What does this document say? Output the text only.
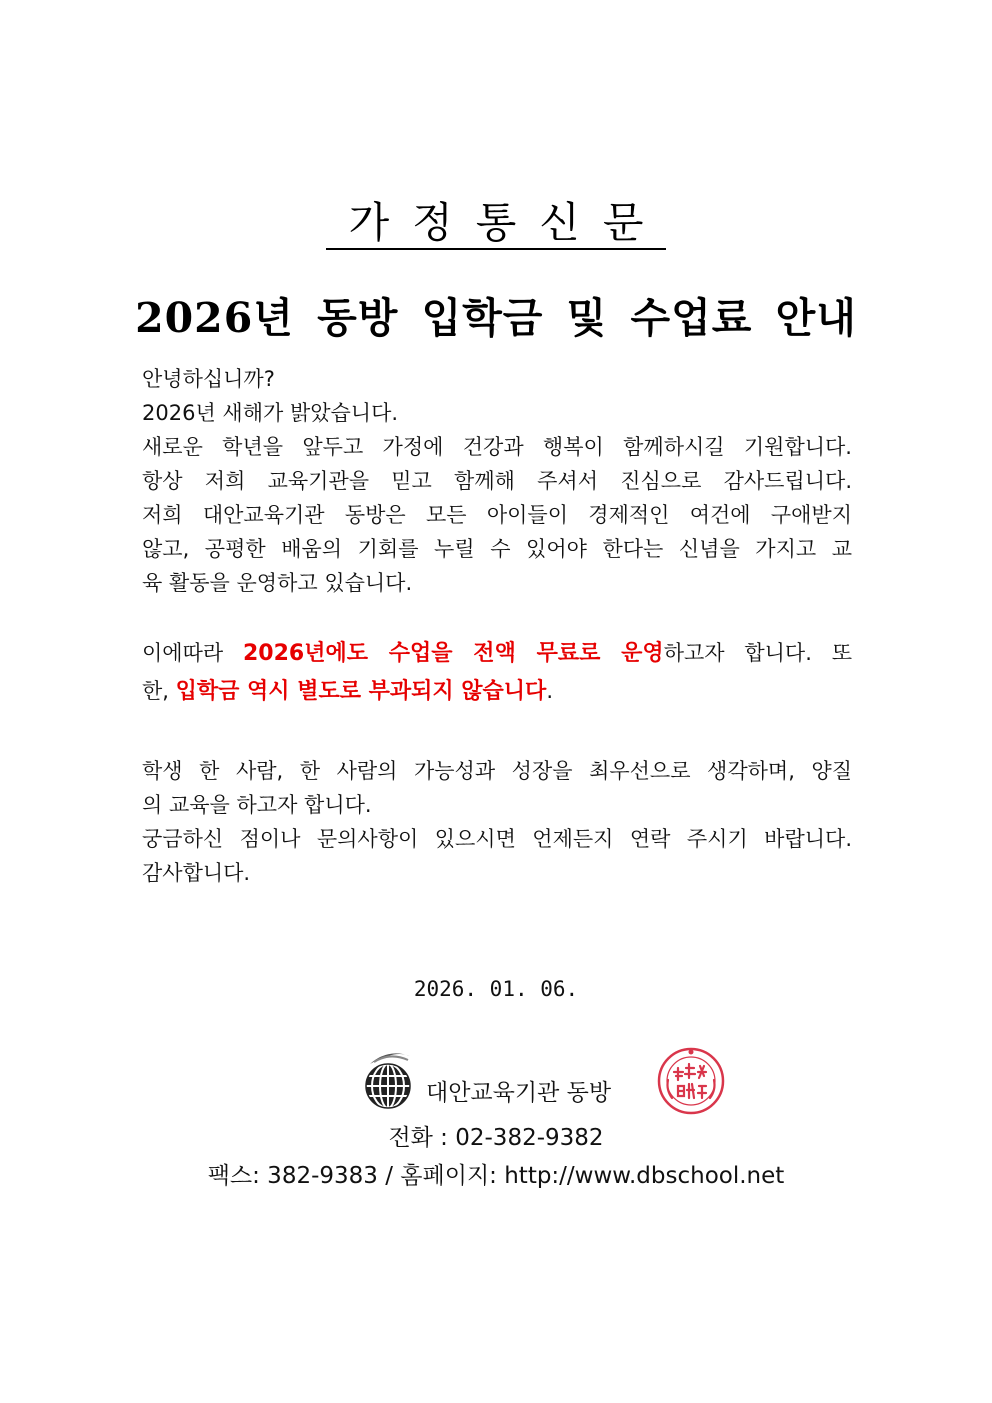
가정통신문
2026년 동방 입학금 및 수업료 안내
안녕하십니까?
2026년 새해가 밝았습니다.
새로운 학년을 앞두고 가정에 건강과 행복이 함께하시길 기원합니다.
항상 저희 교육기관을 믿고 함께해 주셔서 진심으로 감사드립니다.
저희 대안교육기관 동방은 모든 아이들이 경제적인 여건에 구애받지
않고, 공평한 배움의 기회를 누릴 수 있어야 한다는 신념을 가지고 교
육 활동을 운영하고 있습니다.
이에따라 2026년에도 수업을 전액 무료로 운영하고자 합니다. 또
한, 입학금 역시 별도로 부과되지 않습니다.
학생 한 사람, 한 사람의 가능성과 성장을 최우선으로 생각하며, 양질
의 교육을 하고자 합니다.
궁금하신 점이나 문의사항이 있으시면 언제든지 연락 주시기 바랍니다.
감사합니다.
2026. 01. 06.
대안교육기관 동방
전화 : 02-382-9382
팩스: 382-9383 / 홈페이지: http://www.dbschool.net
